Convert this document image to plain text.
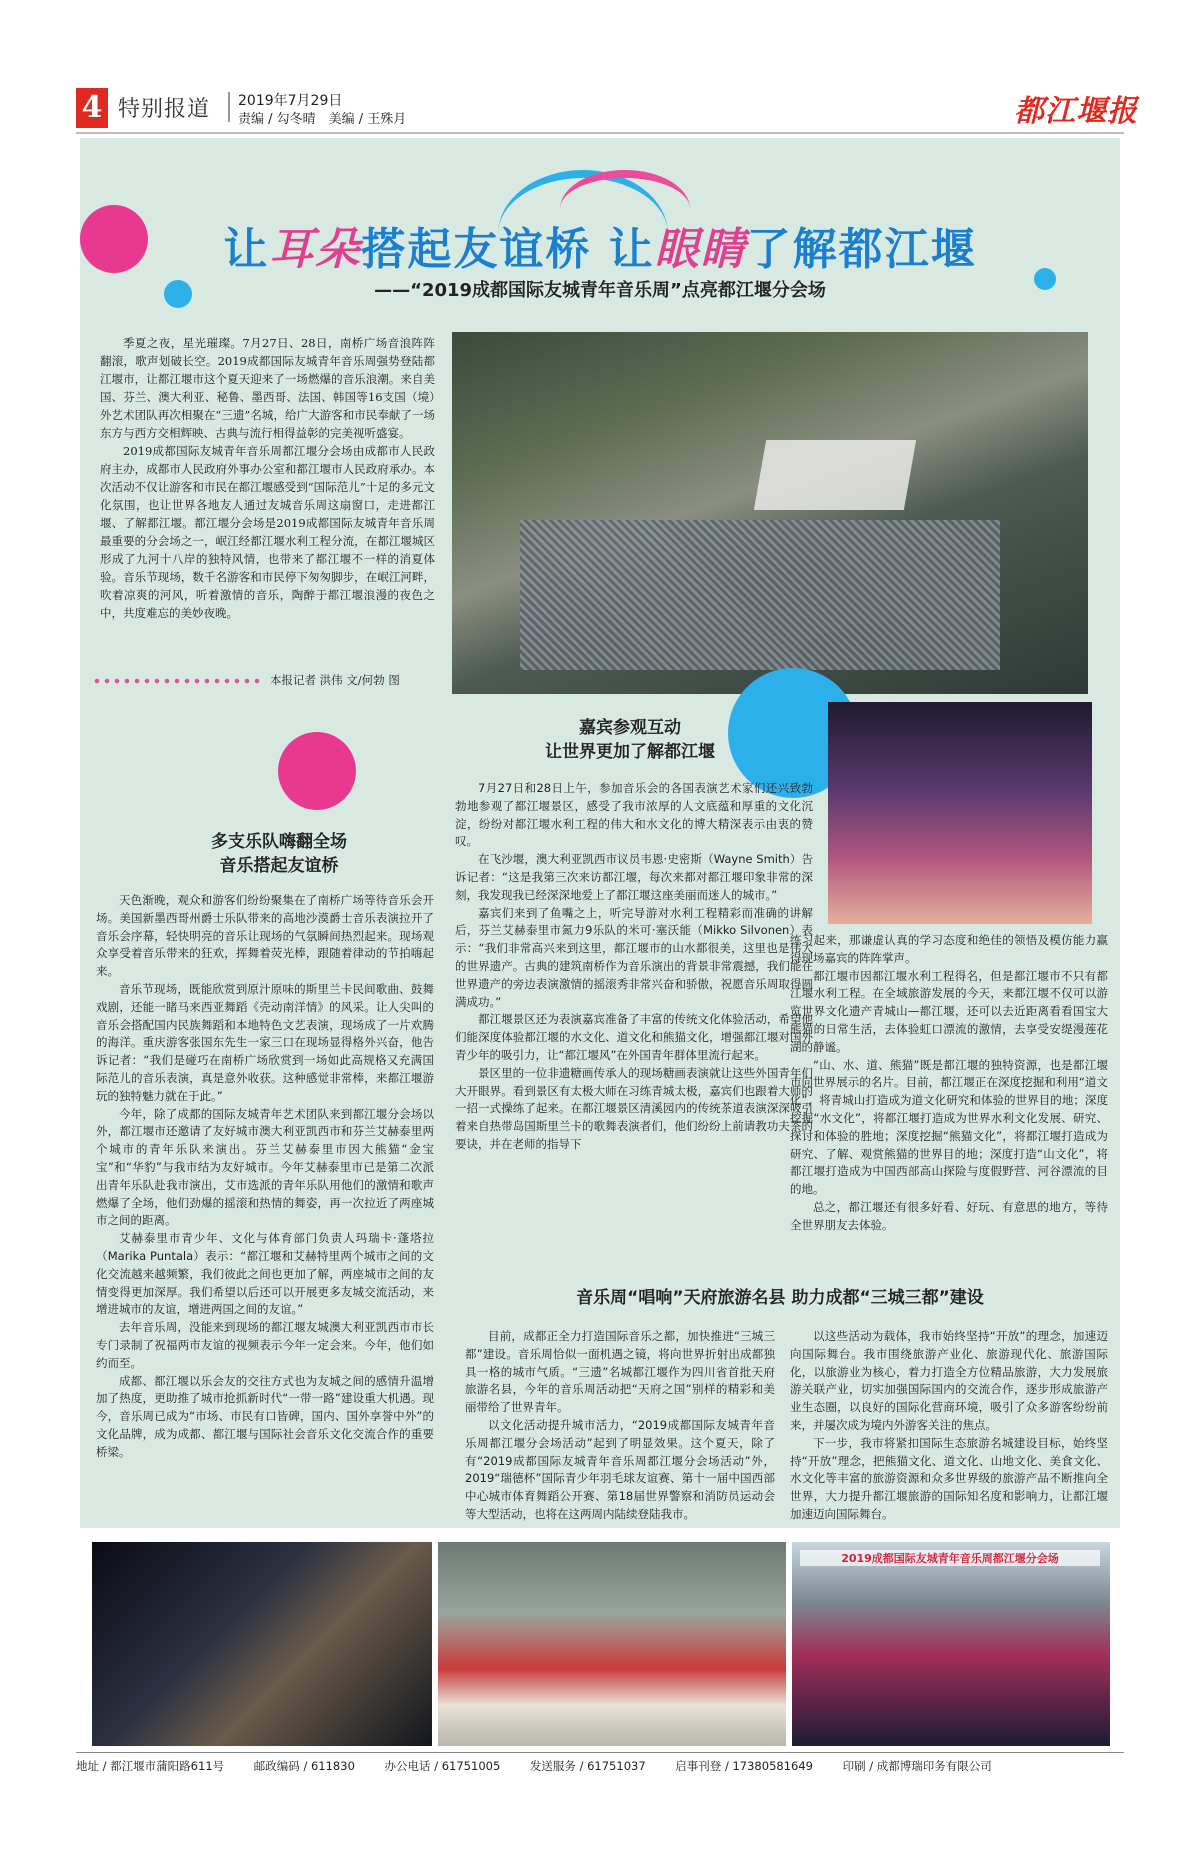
4 特别报道 2019年7月29日
责编 / 勾冬晴　美编 / 王殊月	都江堰报
让耳朵搭起友谊桥 让眼睛了解都江堰
——“2019成都国际友城青年音乐周”点亮都江堰分会场

季夏之夜，星光璀璨。7月27日、28日，南桥广场音浪阵阵翻滚，歌声划破长空。2019成都国际友城青年音乐周强势登陆都江堰市，让都江堰市这个夏天迎来了一场燃爆的音乐浪潮。来自美国、芬兰、澳大利亚、秘鲁、墨西哥、法国、韩国等16支国（境）外艺术团队再次相聚在“三遗”名城，给广大游客和市民奉献了一场东方与西方交相辉映、古典与流行相得益彰的完美视听盛宴。

2019成都国际友城青年音乐周都江堰分会场由成都市人民政府主办，成都市人民政府外事办公室和都江堰市人民政府承办。本次活动不仅让游客和市民在都江堰感受到“国际范儿”十足的多元文化氛围，也让世界各地友人通过友城音乐周这扇窗口，走进都江堰、了解都江堰。都江堰分会场是2019成都国际友城青年音乐周最重要的分会场之一，岷江经都江堰水利工程分流，在都江堰城区形成了九河十八岸的独特风情，也带来了都江堰不一样的消夏体验。音乐节现场，数千名游客和市民停下匆匆脚步，在岷江河畔，吹着凉爽的河风，听着激情的音乐，陶醉于都江堰浪漫的夜色之中，共度难忘的美妙夜晚。

本报记者 洪伟 文/何勃 图
嘉宾参观互动
让世界更加了解都江堰

7月27日和28日上午，参加音乐会的各国表演艺术家们还兴致勃勃地参观了都江堰景区，感受了我市浓厚的人文底蕴和厚重的文化沉淀，纷纷对都江堰水利工程的伟大和水文化的博大精深表示由衷的赞叹。

在飞沙堰，澳大利亚凯西市议员韦恩·史密斯（Wayne Smith）告诉记者：“这是我第三次来访都江堰，每次来都对都江堰印象非常的深刻，我发现我已经深深地爱上了都江堰这座美丽而迷人的城市。”

嘉宾们来到了鱼嘴之上，听完导游对水利工程精彩而准确的讲解后，芬兰艾赫泰里市氮力9乐队的米可·塞沃能（Mikko Silvonen）表示：“我们非常高兴来到这里，都江堰市的山水都很美，这里也是伟大的世界遗产。古典的建筑南桥作为音乐演出的背景非常震撼，我们能在世界遗产的旁边表演激情的摇滚秀非常兴奋和骄傲，祝愿音乐周取得圆满成功。”

都江堰景区还为表演嘉宾准备了丰富的传统文化体验活动，希望他们能深度体验都江堰的水文化、道文化和熊猫文化，增强都江堰对国外青少年的吸引力，让“都江堰风”在外国青年群体里流行起来。

景区里的一位非遗糖画传承人的现场糖画表演就让这些外国青年们大开眼界。看到景区有太极大师在习练青城太极，嘉宾们也跟着大师的一招一式操练了起来。在都江堰景区清溪园内的传统茶道表演深深吸引着来自热带岛国斯里兰卡的歌舞表演者们，他们纷纷上前请教功夫茶的要诀，并在老师的指导下

练习起来，那谦虚认真的学习态度和绝佳的领悟及模仿能力赢得现场嘉宾的阵阵掌声。

都江堰市因都江堰水利工程得名，但是都江堰市不只有都江堰水利工程。在全域旅游发展的今天，来都江堰不仅可以游览世界文化遗产青城山—都江堰，还可以去近距离看看国宝大熊猫的日常生活，去体验虹口漂流的激情，去享受安缇漫莲花湖的静谧。

“山、水、道、熊猫”既是都江堰的独特资源，也是都江堰市向世界展示的名片。目前，都江堰正在深度挖掘和利用“道文化”，将青城山打造成为道文化研究和体验的世界目的地；深度挖掘“水文化”，将都江堰打造成为世界水利文化发展、研究、探讨和体验的胜地；深度挖掘“熊猫文化”，将都江堰打造成为研究、了解、观赏熊猫的世界目的地；深度打造“山文化”，将都江堰打造成为中国西部高山探险与度假野营、河谷漂流的目的地。

总之，都江堰还有很多好看、好玩、有意思的地方，等待全世界朋友去体验。

多支乐队嗨翻全场
音乐搭起友谊桥

天色渐晚，观众和游客们纷纷聚集在了南桥广场等待音乐会开场。美国新墨西哥州爵士乐队带来的高地沙漠爵士音乐表演拉开了音乐会序幕，轻快明亮的音乐让现场的气氛瞬间热烈起来。现场观众享受着音乐带来的狂欢，挥舞着荧光棒，跟随着律动的节拍嗨起来。

音乐节现场，既能欣赏到原汁原味的斯里兰卡民间歌曲、鼓舞戏剧，还能一睹马来西亚舞蹈《壳动南洋情》的风采。让人尖叫的音乐会搭配国内民族舞蹈和本地特色文艺表演，现场成了一片欢腾的海洋。重庆游客张国东先生一家三口在现场显得格外兴奋，他告诉记者：“我们是碰巧在南桥广场欣赏到一场如此高规格又充满国际范儿的音乐表演，真是意外收获。这种感觉非常棒，来都江堰游玩的独特魅力就在于此。”

今年，除了成都的国际友城青年艺术团队来到都江堰分会场以外，都江堰市还邀请了友好城市澳大利亚凯西市和芬兰艾赫泰里两个城市的青年乐队来演出。芬兰艾赫泰里市因大熊猫“金宝宝”和“华豹”与我市结为友好城市。今年艾赫泰里市已是第二次派出青年乐队赴我市演出，艾市选派的青年乐队用他们的激情和歌声燃爆了全场，他们劲爆的摇滚和热情的舞姿，再一次拉近了两座城市之间的距离。

艾赫泰里市青少年、文化与体育部门负责人玛瑞卡·蓬塔拉（Marika Puntala）表示：“都江堰和艾赫特里两个城市之间的文化交流越来越频繁，我们彼此之间也更加了解，两座城市之间的友情变得更加深厚。我们希望以后还可以开展更多友城交流活动，来增进城市的友谊，增进两国之间的友谊。”

去年音乐周，没能来到现场的都江堰友城澳大利亚凯西市市长专门录制了祝福两市友谊的视频表示今年一定会来。今年，他们如约而至。

成都、都江堰以乐会友的交往方式也为友城之间的感情升温增加了热度，更助推了城市抢抓新时代“一带一路”建设重大机遇。现今，音乐周已成为“市场、市民有口皆碑，国内、国外享誉中外”的文化品牌，成为成都、都江堰与国际社会音乐文化交流合作的重要桥梁。

音乐周“唱响”天府旅游名县 助力成都“三城三都”建设

目前，成都正全力打造国际音乐之都，加快推进“三城三都”建设。音乐周恰似一面机遇之镜，将向世界折射出成都独具一格的城市气质。“三遗”名城都江堰作为四川省首批天府旅游名县，今年的音乐周活动把“天府之国”别样的精彩和美丽带给了世界青年。

以文化活动提升城市活力，“2019成都国际友城青年音乐周都江堰分会场活动”起到了明显效果。这个夏天，除了有“2019成都国际友城青年音乐周都江堰分会场活动”外，2019“瑞德杯”国际青少年羽毛球友谊赛、第十一届中国西部中心城市体育舞蹈公开赛、第18届世界警察和消防员运动会等大型活动，也将在这两周内陆续登陆我市。

以这些活动为载体，我市始终坚持“开放”的理念，加速迈向国际舞台。我市围绕旅游产业化、旅游现代化、旅游国际化，以旅游业为核心，着力打造全方位精品旅游，大力发展旅游关联产业，切实加强国际国内的交流合作，逐步形成旅游产业生态圈，以良好的国际化营商环境，吸引了众多游客纷纷前来，并屡次成为境内外游客关注的焦点。

下一步，我市将紧扣国际生态旅游名城建设目标，始终坚持“开放”理念，把熊猫文化、道文化、山地文化、美食文化、水文化等丰富的旅游资源和众多世界级的旅游产品不断推向全世界，大力提升都江堰旅游的国际知名度和影响力，让都江堰加速迈向国际舞台。

2019成都国际友城青年音乐周都江堰分会场
地址 / 都江堰市蒲阳路611号	邮政编码 / 611830	办公电话 / 61751005	发送服务 / 61751037	启事刊登 / 17380581649	印刷 / 成都博瑞印务有限公司
